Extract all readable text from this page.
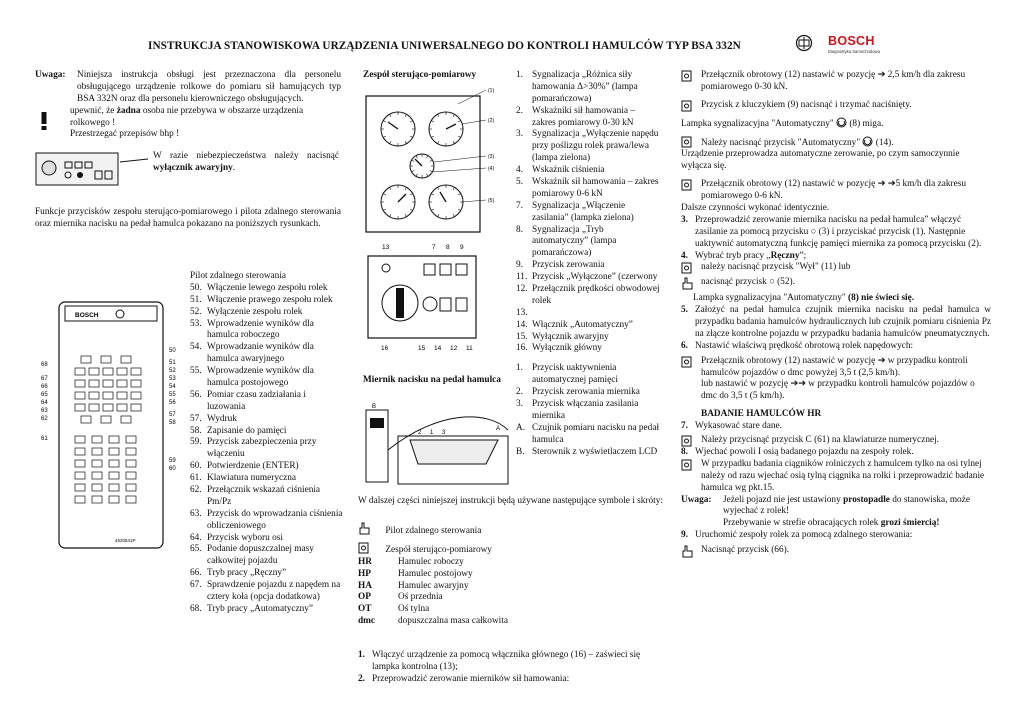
INSTRUKCJA STANOWISKOWA URZĄDZENIA UNIWERSALNEGO DO KONTROLI HAMULCÓW TYP BSA 332N	BOSCH
Diagnostyka Samochodowa
Uwaga:	Niniejsza instrukcja obsługi jest przeznaczona dla personelu obsługującego urządzenie rolkowe do pomiaru sił hamujących typ BSA 332N oraz dla personelu kierowniczego obsługujących.

upewnić, że żadna osoba nie przebywa w obszarze urządzenia rolkowego !

Przestrzegać przepisów bhp !

W razie niebezpieczeństwa należy nacisnąć wyłącznik awaryjny.

Funkcje przycisków zespołu sterująco-pomiarowego i pilota zdalnego sterowania oraz miernika nacisku na pedał hamulca pokazano na poniższych rysunkach.

BOSCH
4520541P
68
67
66
65
64
63
62
61
50
51
52
53
54
55
56
57
58
59
60

Pilot zdalnego sterowania

50. Włączenie lewego zespołu rolek
51. Włączenie prawego zespołu rolek
52. Wyłączenie zespołu rolek
53. Wprowadzenie wyników dla hamulca roboczego
54. Wprowadzanie wyników dla hamulca awaryjnego
55. Wprowadzenie wyników dla hamulca postojowego
56. Pomiar czasu zadziałania i luzowania
57. Wydruk
58. Zapisanie do pamięci
59. Przycisk zabezpieczenia przy włączeniu
60. Potwierdzenie (ENTER)
61. Klawiatura numeryczna
62. Przełącznik wskazań ciśnienia Pm/Pz
63. Przycisk do wprowadzania ciśnienia obliczeniowego
64. Przycisk wyboru osi
65. Podanie dopuszczalnej masy całkowitej pojazdu
66. Tryb pracy „Ręczny”
67. Sprawdzenie pojazdu z napędem na cztery koła (opcja dodatkowa)
68. Tryb pracy „Automatyczny”

Zespół sterująco-pomiarowy

(1)
(2)
(3)
(4)
(5)
13	7 8 9
16	15 14 12 11

Miernik nacisku na pedał hamulca

B
A
2 1 3

W dalszej części niniejszej instrukcji będą używane następujące symbole i skróty:

Pilot zdalnego sterowania

Zespół sterująco-pomiarowy

HR	Hamulec roboczy
HP	Hamulec postojowy
HA	Hamulec awaryjny
OP	Oś przednia
OT	Oś tylna
dmc	dopuszczalna masa całkowita
1. Włączyć urządzenie za pomocą włącznika głównego (16) – zaświeci się lampka kontrolna (13);
2. Przeprowadzić zerowanie mierników sił hamowania:
1. Sygnalizacja „Różnica siły hamowania Δ>30%” (lampa pomarańczowa)
2. Wskaźniki sił hamowania – zakres pomiarowy 0-30 kN
3. Sygnalizacja „Wyłączenie napędu przy poślizgu rolek prawa/lewa (lampa zielona)
4. Wskaźnik ciśnienia
5. Wskaźnik sił hamowania – zakres pomiarowy 0-6 kN
7. Sygnalizacja „Włączenie zasilania” (lampka zielona)
8. Sygnalizacja „Tryb automatyczny” (lampa pomarańczowa)
9. Przycisk zerowania
11. Przycisk „Wyłączone” (czerwony
12. Przełącznik prędkości obwodowej rolek
13.
14. Włącznik „Automatyczny”
15. Wyłącznik awaryjny
16. Wyłącznik główny
1. Przycisk uaktywnienia automatycznej pamięci
2. Przycisk zerowania miernika
3. Przycisk włączania zasilania miernika
A. Czujnik pomiaru nacisku na pedał hamulca
B. Sterownik z wyświetlaczem LCD

Przełącznik obrotowy (12) nastawić w pozycję ➔ 2,5 km/h dla zakresu pomiarowego 0-30 kN.

Przycisk z kluczykiem (9) nacisnąć i trzymać naciśnięty.

Lampka sygnalizacyjna "Automatyczny"  (8) miga.

Należy nacisnąć przycisk "Automatyczny"  (14).

Urządzenie przeprowadza automatyczne zerowanie, po czym samoczynnie wyłącza się.

Przełącznik obrotowy (12) nastawić w pozycję ➔ ➔5 km/h dla zakresu pomiarowego 0-6 kN.

Dalsze czynności wykonać identycznie.

3. Przeprowadzić zerowanie miernika nacisku na pedał hamulca” włączyć zasilanie za pomocą przycisku ○ (3) i przyciskać przycisk (1). Następnie uaktywnić automatyczną funkcję pamięci miernika za pomocą przycisku (2).

4. Wybrać tryb pracy „Ręczny”;

należy nacisnąć przycisk "Wył" (11) lub

nacisnąć przycisk ○ (52).

Lampka sygnalizacyjna "Automatyczny" (8) nie świeci się.

5. Założyć na pedał hamulca czujnik miernika nacisku na pedał hamulca w przypadku badania hamulców hydraulicznych lub czujnik pomiaru ciśnienia Pz na złącze kontrolne pojazdu w przypadku badania hamulców pneumatycznych.

6. Nastawić właściwą prędkość obrotową rolek napędowych:

Przełącznik obrotowy (12) nastawić w pozycję ➔ w przypadku kontroli hamulców pojazdów o dmc powyżej 3,5 t (2,5 km/h).

lub nastawić w pozycję ➔➔ w przypadku kontroli hamulców pojazdów o dmc do 3,5 t (5 km/h).

BADANIE HAMULCÓW HR

7. Wykasować stare dane.

Należy przycisnąć przycisk C (61) na klawiaturze numerycznej.

8. Wjechać powoli I osią badanego pojazdu na zespoły rolek.

W przypadku badania ciągników rolniczych z hamulcem tylko na osi tylnej należy od razu wjechać osią tylną ciągnika na rolki i przeprowadzić badanie hamulca wg pkt.15.

Uwaga:	Jeżeli pojazd nie jest ustawiony prostopadle do stanowiska, może wyjechać z rolek!

Przebywanie w strefie obracających rolek grozi śmiercią!

9. Uruchomić zespoły rolek za pomocą zdalnego sterowania:

Nacisnąć przycisk (66).
